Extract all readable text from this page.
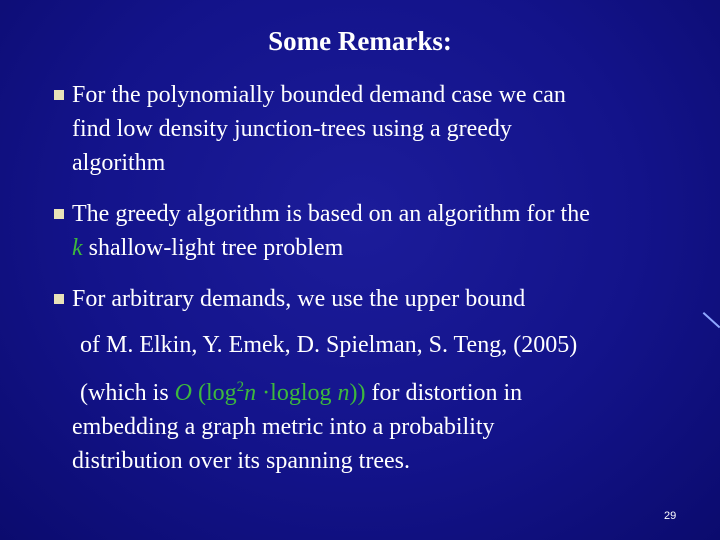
Some Remarks:
For the polynomially bounded demand case we can
find low density junction-trees using a greedy
algorithm
The greedy algorithm is based on an algorithm for the
k shallow-light tree problem
For arbitrary demands, we use the upper bound
of M. Elkin, Y. Emek, D. Spielman, S. Teng, (2005)
(which is O ($\log^2n \cdot loglog$ n)) for distortion in
embedding a graph metric into a probability
distribution over its spanning trees.
29
